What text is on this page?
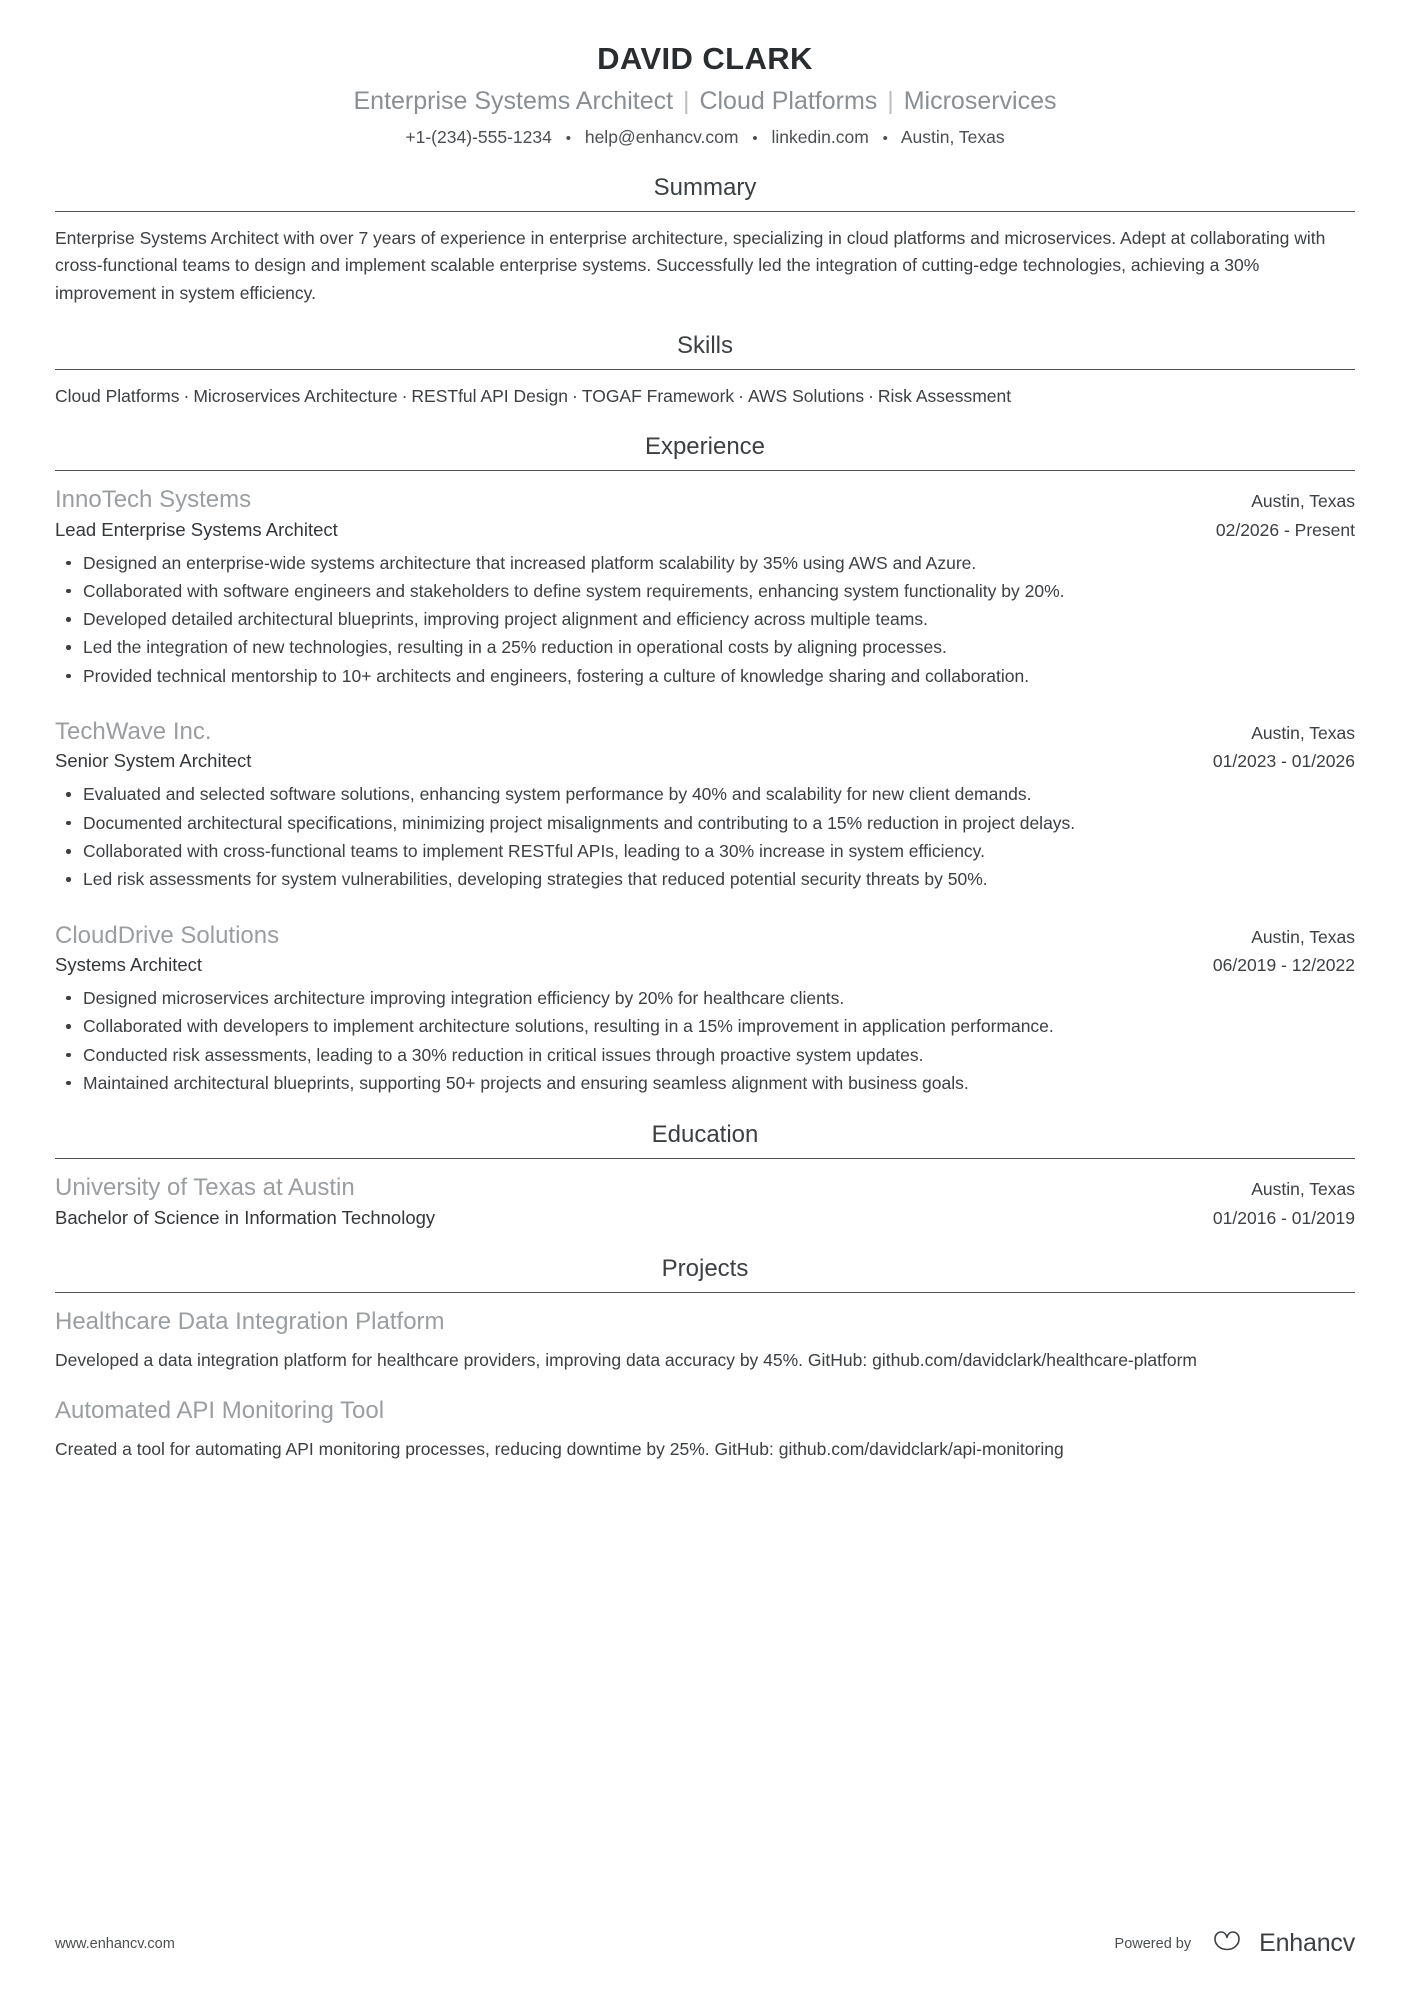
DAVID CLARK
Enterprise Systems Architect | Cloud Platforms | Microservices
+1-(234)-555-1234 • help@enhancv.com • linkedin.com • Austin, Texas
Summary

Enterprise Systems Architect with over 7 years of experience in enterprise architecture, specializing in cloud platforms and microservices. Adept at collaborating with cross-functional teams to design and implement scalable enterprise systems. Successfully led the integration of cutting-edge technologies, achieving a 30% improvement in system efficiency.

Skills
Cloud Platforms · Microservices Architecture · RESTful API Design · TOGAF Framework · AWS Solutions · Risk Assessment
Experience
InnoTech Systems	Austin, Texas
Lead Enterprise Systems Architect	02/2026 - Present
Designed an enterprise-wide systems architecture that increased platform scalability by 35% using AWS and Azure.
Collaborated with software engineers and stakeholders to define system requirements, enhancing system functionality by 20%.
Developed detailed architectural blueprints, improving project alignment and efficiency across multiple teams.
Led the integration of new technologies, resulting in a 25% reduction in operational costs by aligning processes.
Provided technical mentorship to 10+ architects and engineers, fostering a culture of knowledge sharing and collaboration.
TechWave Inc.	Austin, Texas
Senior System Architect	01/2023 - 01/2026
Evaluated and selected software solutions, enhancing system performance by 40% and scalability for new client demands.
Documented architectural specifications, minimizing project misalignments and contributing to a 15% reduction in project delays.
Collaborated with cross-functional teams to implement RESTful APIs, leading to a 30% increase in system efficiency.
Led risk assessments for system vulnerabilities, developing strategies that reduced potential security threats by 50%.
CloudDrive Solutions	Austin, Texas
Systems Architect	06/2019 - 12/2022
Designed microservices architecture improving integration efficiency by 20% for healthcare clients.
Collaborated with developers to implement architecture solutions, resulting in a 15% improvement in application performance.
Conducted risk assessments, leading to a 30% reduction in critical issues through proactive system updates.
Maintained architectural blueprints, supporting 50+ projects and ensuring seamless alignment with business goals.
Education
University of Texas at Austin	Austin, Texas
Bachelor of Science in Information Technology	01/2016 - 01/2019
Projects
Healthcare Data Integration Platform
Developed a data integration platform for healthcare providers, improving data accuracy by 45%. GitHub: github.com/davidclark/healthcare-platform
Automated API Monitoring Tool
Created a tool for automating API monitoring processes, reducing downtime by 25%. GitHub: github.com/davidclark/api-monitoring
www.enhancv.com	Powered by	Enhancv
